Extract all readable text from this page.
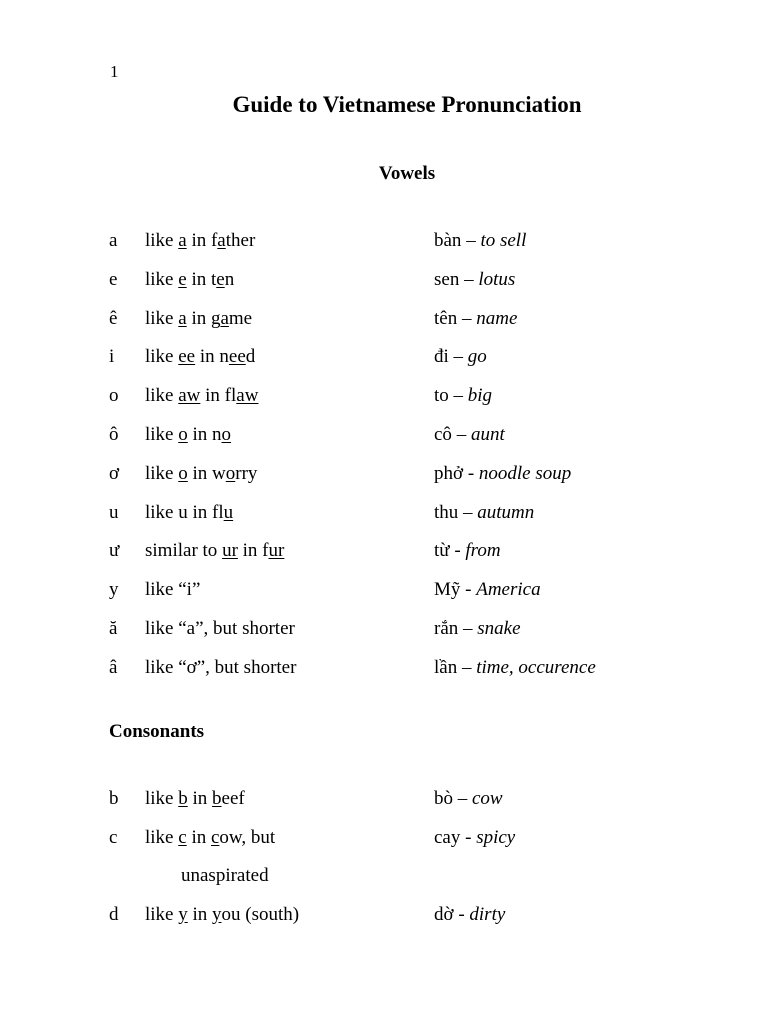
1
Guide to Vietnamese Pronunciation
Vowels
a like a in father	bàn – to sell
e like e in ten	sen – lotus
ê like a in game	tên – name
i like ee in need	đi – go
o like aw in flaw	to – big
ô like o in no	cô – aunt
ơ like o in worry	phở - noodle soup
u like u in flu	thu – autumn
ư similar to ur in fur	từ - from
y like “i”	Mỹ - America
ă like “a”, but shorter	rắn – snake
â like “ơ”, but shorter	lần – time, occurence
Consonants
b like b in beef	bò – cow
c like c in cow, but	cay - spicy
unaspirated
d like y in you (south)	dờ - dirty
